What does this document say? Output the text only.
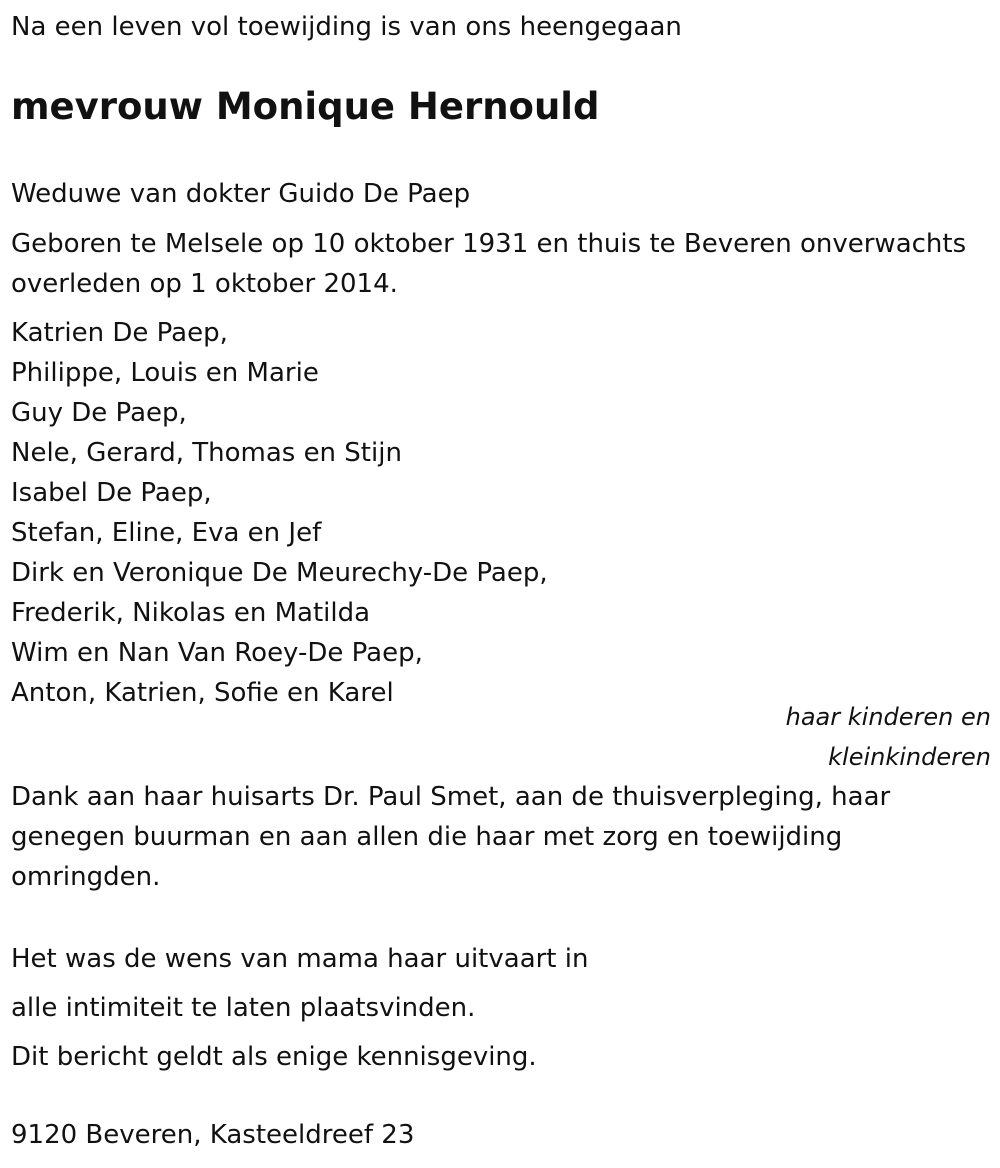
Na een leven vol toewijding is van ons heengegaan

mevrouw Monique Hernould

Weduwe van dokter Guido De Paep

Geboren te Melsele op 10 oktober 1931 en thuis te Beveren onverwachts

overleden op 1 oktober 2014.

Katrien De Paep,

Philippe, Louis en Marie

Guy De Paep,

Nele, Gerard, Thomas en Stijn

Isabel De Paep,

Stefan, Eline, Eva en Jef

Dirk en Veronique De Meurechy-De Paep,

Frederik, Nikolas en Matilda

Wim en Nan Van Roey-De Paep,

Anton, Katrien, Sofie en Karel

haar kinderen en
kleinkinderen

Dank aan haar huisarts Dr. Paul Smet, aan de thuisverpleging, haar

genegen buurman en aan allen die haar met zorg en toewijding

omringden.

Het was de wens van mama haar uitvaart in

alle intimiteit te laten plaatsvinden.

Dit bericht geldt als enige kennisgeving.

9120 Beveren, Kasteeldreef 23
